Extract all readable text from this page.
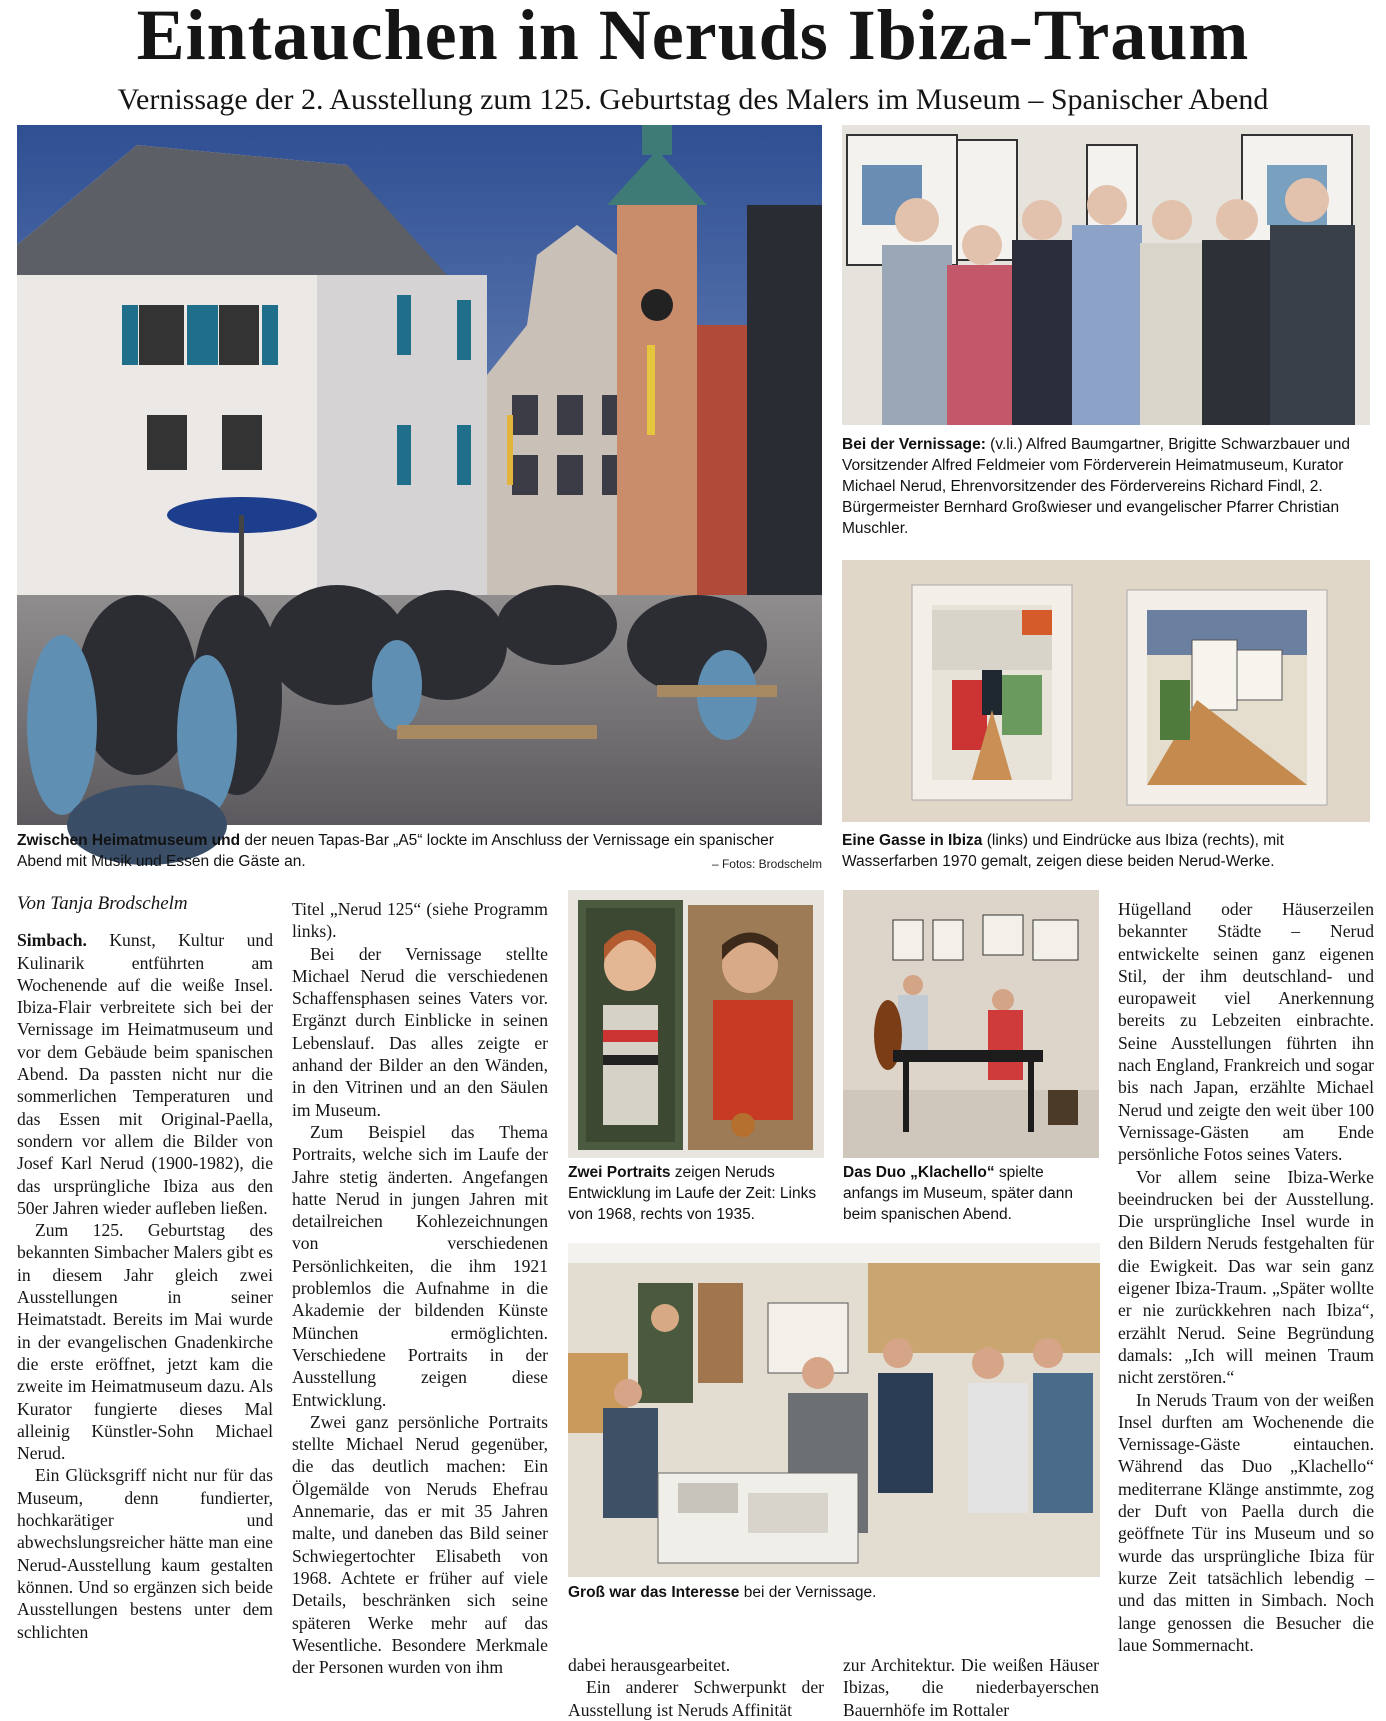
Eintauchen in Neruds Ibiza-Traum
Vernissage der 2. Ausstellung zum 125. Geburtstag des Malers im Museum – Spanischer Abend
Bei der Vernissage: (v.li.) Alfred Baumgartner, Brigitte Schwarzbauer und Vorsitzender Alfred Feldmeier vom Förderverein Heimatmuseum, Kurator Michael Nerud, Ehrenvorsitzender des Fördervereins Richard Findl, 2. Bürgermeister Bernhard Großwieser und evangelischer Pfarrer Christian Muschler.
Zwischen Heimatmuseum und der neuen Tapas-Bar „A5“ lockte im Anschluss der Vernissage ein spanischer Abend mit Musik und Essen die Gäste an.	– Fotos: Brodschelm
Eine Gasse in Ibiza (links) und Eindrücke aus Ibiza (rechts), mit Wasserfarben 1970 gemalt, zeigen diese beiden Nerud-Werke.
Zwei Portraits zeigen Neruds Entwicklung im Laufe der Zeit: Links von 1968, rechts von 1935.
Das Duo „Klachello“ spielte anfangs im Museum, später dann beim spanischen Abend.
Groß war das Interesse bei der Vernissage.
Von Tanja Brodschelm

Simbach. Kunst, Kultur und Kulinarik entführten am Wochenende auf die weiße Insel. Ibiza-Flair verbreitete sich bei der Vernissage im Heimatmuseum und vor dem Gebäude beim spanischen Abend. Da passten nicht nur die sommerlichen Temperaturen und das Essen mit Original-Paella, sondern vor allem die Bilder von Josef Karl Nerud (1900-1982), die das ursprüngliche Ibiza aus den 50er Jahren wieder aufleben ließen.

Zum 125. Geburtstag des bekannten Simbacher Malers gibt es in diesem Jahr gleich zwei Ausstellungen in seiner Heimatstadt. Bereits im Mai wurde in der evangelischen Gnadenkirche die erste eröffnet, jetzt kam die zweite im Heimatmuseum dazu. Als Kurator fungierte dieses Mal alleinig Künstler-Sohn Michael Nerud.

Ein Glücksgriff nicht nur für das Museum, denn fundierter, hochkarätiger und abwechslungsreicher hätte man eine Nerud-Ausstellung kaum gestalten können. Und so ergänzen sich beide Ausstellungen bestens unter dem schlichten

Titel „Nerud 125“ (siehe Programm links).

Bei der Vernissage stellte Michael Nerud die verschiedenen Schaffensphasen seines Vaters vor. Ergänzt durch Einblicke in seinen Lebenslauf. Das alles zeigte er anhand der Bilder an den Wänden, in den Vitrinen und an den Säulen im Museum.

Zum Beispiel das Thema Portraits, welche sich im Laufe der Jahre stetig änderten. Angefangen hatte Nerud in jungen Jahren mit detailreichen Kohlezeichnungen von verschiedenen Persönlichkeiten, die ihm 1921 problemlos die Aufnahme in die Akademie der bildenden Künste München ermöglichten. Verschiedene Portraits in der Ausstellung zeigen diese Entwicklung.

Zwei ganz persönliche Portraits stellte Michael Nerud gegenüber, die das deutlich machen: Ein Ölgemälde von Neruds Ehefrau Annemarie, das er mit 35 Jahren malte, und daneben das Bild seiner Schwiegertochter Elisabeth von 1968. Achtete er früher auf viele Details, beschränken sich seine späteren Werke mehr auf das Wesentliche. Besondere Merkmale der Personen wurden von ihm	dabei herausgearbeitet.

Ein anderer Schwerpunkt der Ausstellung ist Neruds Affinität

zur Architektur. Die weißen Häuser Ibizas, die niederbayerschen Bauernhöfe im Rottaler

Hügelland oder Häuserzeilen bekannter Städte – Nerud entwickelte seinen ganz eigenen Stil, der ihm deutschland- und europaweit viel Anerkennung bereits zu Lebzeiten einbrachte. Seine Ausstellungen führten ihn nach England, Frankreich und sogar bis nach Japan, erzählte Michael Nerud und zeigte den weit über 100 Vernissage-Gästen am Ende persönliche Fotos seines Vaters.

Vor allem seine Ibiza-Werke beeindrucken bei der Ausstellung. Die ursprüngliche Insel wurde in den Bildern Neruds festgehalten für die Ewigkeit. Das war sein ganz eigener Ibiza-Traum. „Später wollte er nie zurückkehren nach Ibiza“, erzählt Nerud. Seine Begründung damals: „Ich will meinen Traum nicht zerstören.“

In Neruds Traum von der weißen Insel durften am Wochenende die Vernissage-Gäste eintauchen. Während das Duo „Klachello“ mediterrane Klänge anstimmte, zog der Duft von Paella durch die geöffnete Tür ins Museum und so wurde das ursprüngliche Ibiza für kurze Zeit tatsächlich lebendig – und das mitten in Simbach. Noch lange genossen die Besucher die laue Sommernacht.
